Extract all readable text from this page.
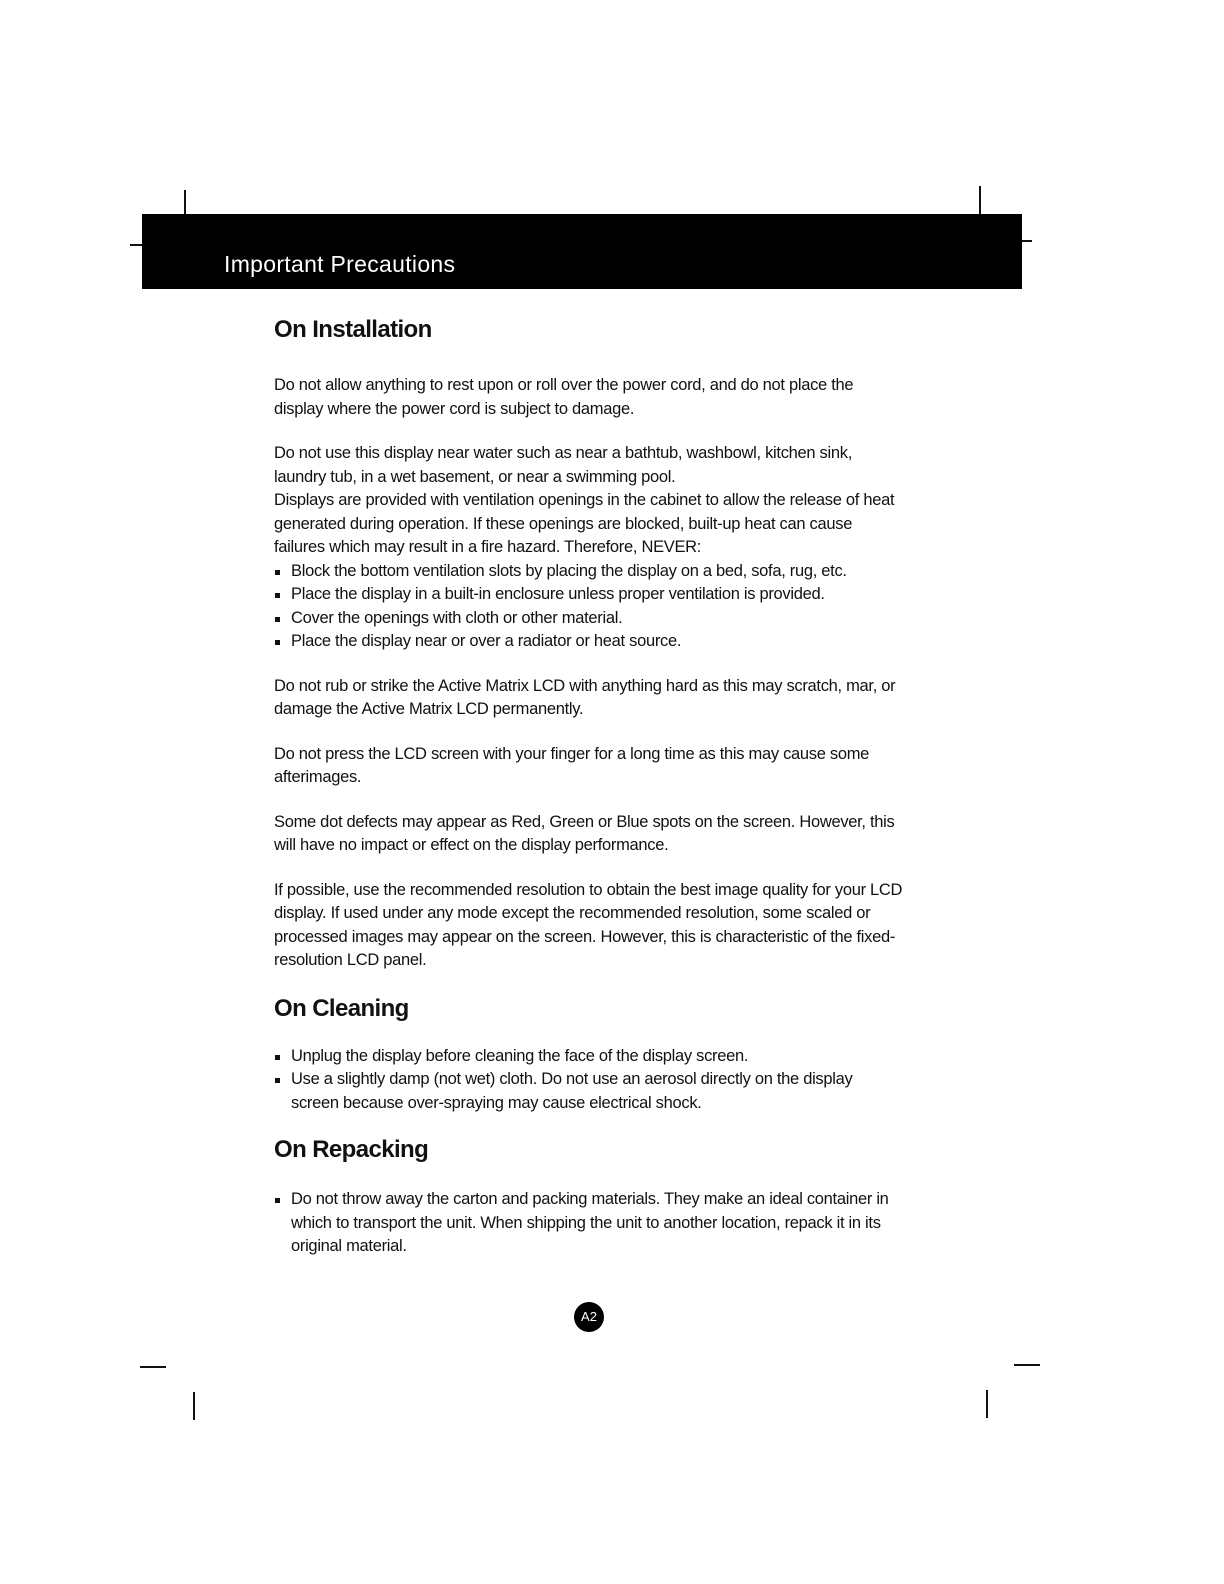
Important Precautions
On Installation

Do not allow anything to rest upon or roll over the power cord, and do not place the display where the power cord is subject to damage.

Do not use this display near water such as near a bathtub, washbowl, kitchen sink, laundry tub, in a wet basement, or near a swimming pool.

Displays are provided with ventilation openings in the cabinet to allow the release of heat generated during operation. If these openings are blocked, built-up heat can cause failures which may result in a fire hazard. Therefore, NEVER:

Block the bottom ventilation slots by placing the display on a bed, sofa, rug, etc.
Place the display in a built-in enclosure unless proper ventilation is provided.
Cover the openings with cloth or other material.
Place the display near or over a radiator or heat source.

Do not rub or strike the Active Matrix LCD with anything hard as this may scratch, mar, or damage the Active Matrix LCD permanently.

Do not press the LCD screen with your finger for a long time as this may cause some afterimages.

Some dot defects may appear as Red, Green or Blue spots on the screen. However, this will have no impact or effect on the display performance.

If possible, use the recommended resolution to obtain the best image quality for your LCD display. If used under any mode except the recommended resolution, some scaled or processed images may appear on the screen. However, this is characteristic of the fixed-resolution LCD panel.

On Cleaning
Unplug the display before cleaning the face of the display screen.
Use a slightly damp (not wet) cloth. Do not use an aerosol directly on the display screen because over-spraying may cause electrical shock.
On Repacking
Do not throw away the carton and packing materials. They make an ideal container in which to transport the unit. When shipping the unit to another location, repack it in its original material.
A2
